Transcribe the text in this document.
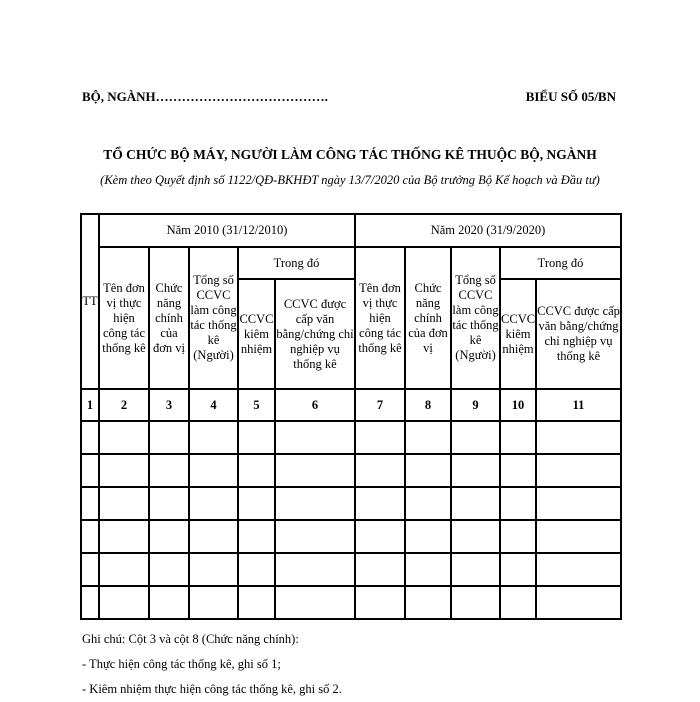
BỘ, NGÀNH………………………………….	BIỂU SỐ 05/BN
TỔ CHỨC BỘ MÁY, NGƯỜI LÀM CÔNG TÁC THỐNG KÊ THUỘC BỘ, NGÀNH
(Kèm theo Quyết định số 1122/QĐ-BKHĐT ngày 13/7/2020 của Bộ trưởng Bộ Kế hoạch và Đầu tư)
TT	Năm 2010 (31/12/2010)					Năm 2020 (31/9/2020)				
	Tên đơn vị thực hiện công tác thống kê	Chức năng chính của đơn vị	Tổng số CCVC làm công tác thống kê (Người)	Trong đó		Tên đơn vị thực hiện công tác thống kê	Chức năng chính của đơn vị	Tổng số CCVC làm công tác thống kê (Người)	Trong đó	
				CCVC kiêm nhiệm	CCVC được cấp văn bằng/chứng chỉ nghiệp vụ thống kê				CCVC kiêm nhiệm	CCVC được cấp văn bằng/chứng chỉ nghiệp vụ thống kê
1	2	3	4	5	6	7	8	9	10	11

Ghi chú: Cột 3 và cột 8 (Chức năng chính):
- Thực hiện công tác thống kê, ghi số 1;
- Kiêm nhiệm thực hiện công tác thống kê, ghi số 2.
